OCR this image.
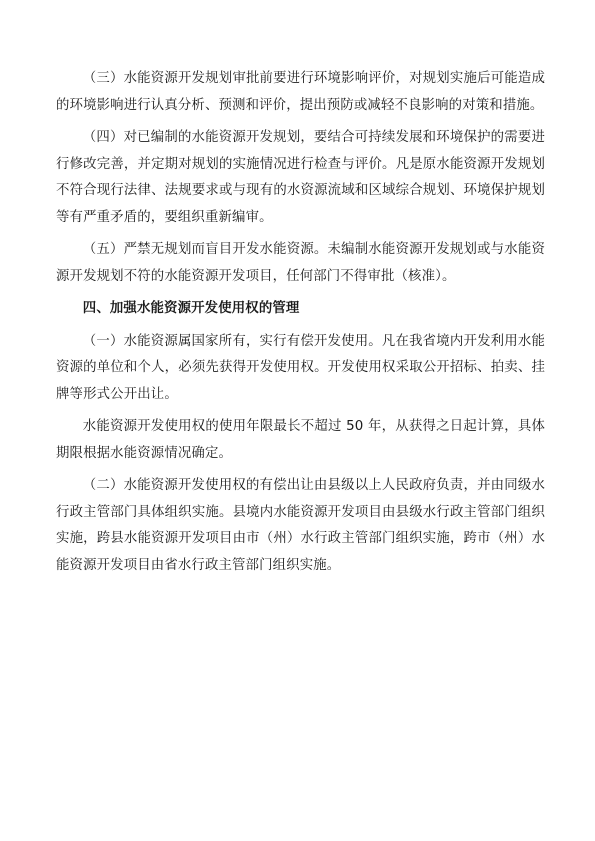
（三）水能资源开发规划审批前要进行环境影响评价，对规划实施后可能造成的环境影响进行认真分析、预测和评价，提出预防或减轻不良影响的对策和措施。

（四）对已编制的水能资源开发规划，要结合可持续发展和环境保护的需要进行修改完善，并定期对规划的实施情况进行检查与评价。凡是原水能资源开发规划不符合现行法律、法规要求或与现有的水资源流域和区域综合规划、环境保护规划等有严重矛盾的，要组织重新编审。

（五）严禁无规划而盲目开发水能资源。未编制水能资源开发规划或与水能资源开发规划不符的水能资源开发项目，任何部门不得审批（核准）。

四、加强水能资源开发使用权的管理

（一）水能资源属国家所有，实行有偿开发使用。凡在我省境内开发利用水能资源的单位和个人，必须先获得开发使用权。开发使用权采取公开招标、拍卖、挂牌等形式公开出让。

水能资源开发使用权的使用年限最长不超过 50 年，从获得之日起计算，具体期限根据水能资源情况确定。

（二）水能资源开发使用权的有偿出让由县级以上人民政府负责，并由同级水行政主管部门具体组织实施。县境内水能资源开发项目由县级水行政主管部门组织实施，跨县水能资源开发项目由市（州）水行政主管部门组织实施，跨市（州）水能资源开发项目由省水行政主管部门组织实施。
